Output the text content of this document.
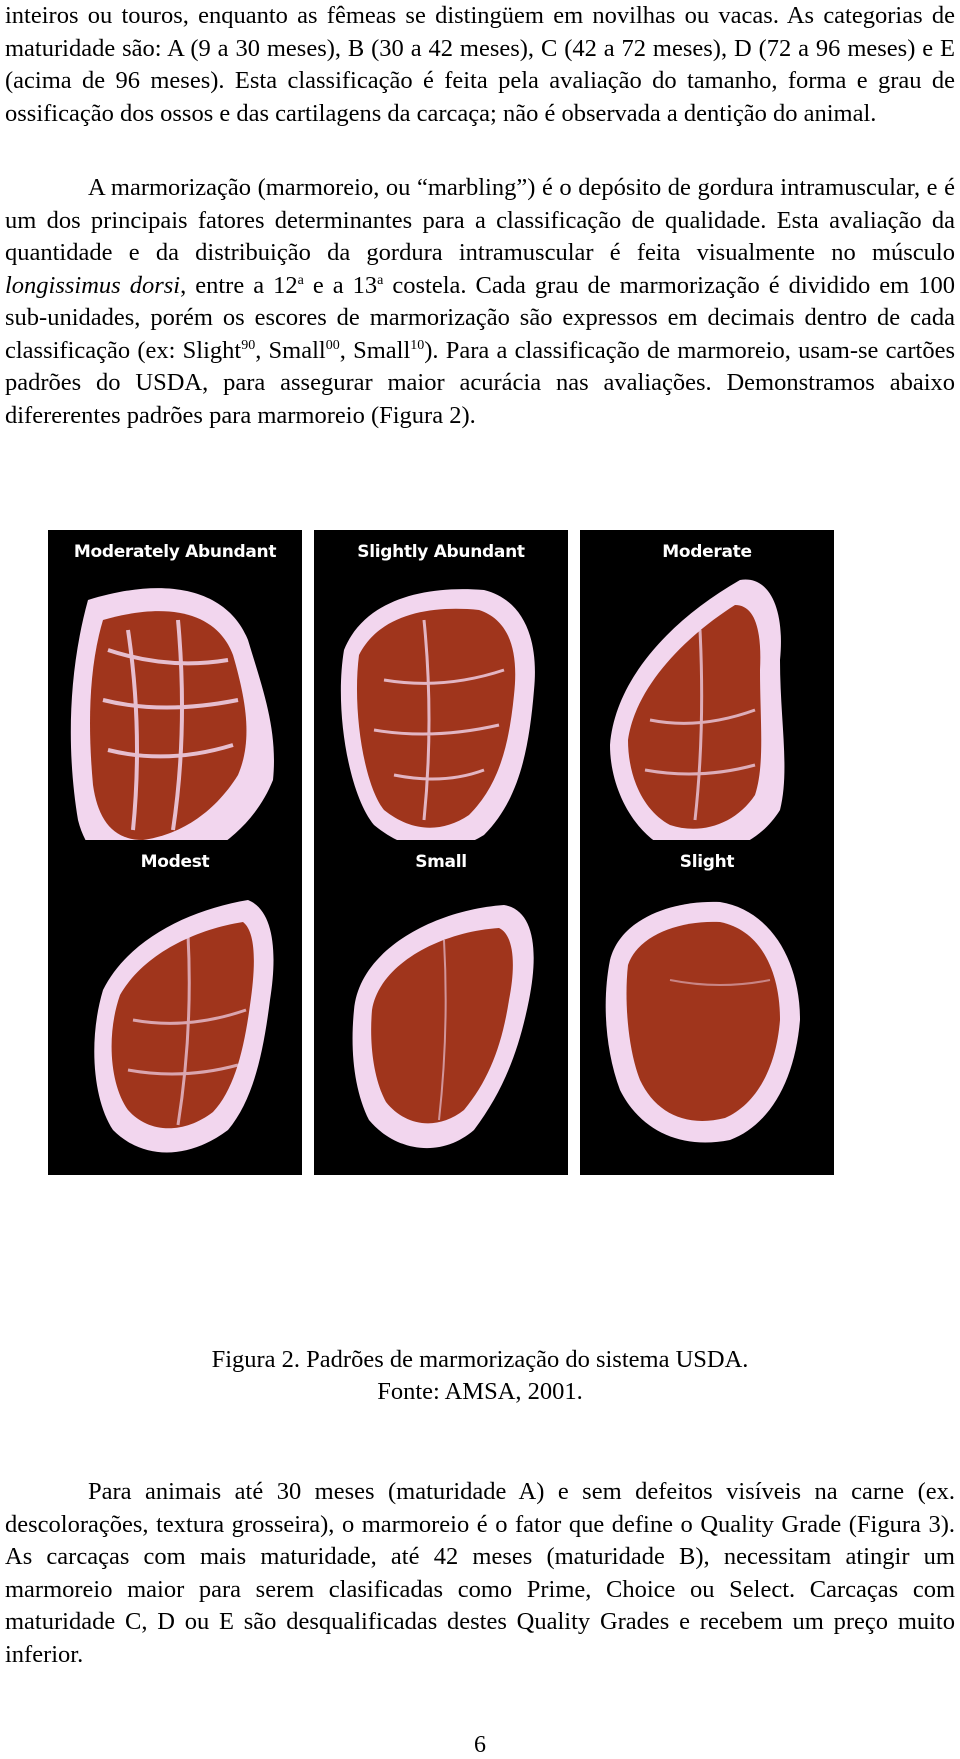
inteiros ou touros, enquanto as fêmeas se distingüem em novilhas ou vacas. As categorias de maturidade são: A (9 a 30 meses), B (30 a 42 meses), C (42 a 72 meses), D (72 a 96 meses) e E (acima de 96 meses). Esta classificação é feita pela avaliação do tamanho, forma e grau de ossificação dos ossos e das cartilagens da carcaça; não é observada a dentição do animal.

A marmorização (marmoreio, ou “marbling”) é o depósito de gordura intramuscular, e é um dos principais fatores determinantes para a classificação de qualidade. Esta avaliação da quantidade e da distribuição da gordura intramuscular é feita visualmente no músculo longissimus dorsi, entre a 12$^a$ e a 13$^a$ costela. Cada grau de marmorização é dividido em 100 sub-unidades, porém os escores de marmorização são expressos em decimais dentro de cada classificação (ex: Slight$^{90}$, Small$^{00}$, Small$^{10}$). Para a classificação de marmoreio, usam-se cartões padrões do USDA, para assegurar maior acurácia nas avaliações. Demonstramos abaixo difererentes padrões para marmoreio (Figura 2).

Moderately Abundant	Slightly Abundant	Moderate
Modest	Small	Slight
Figura 2. Padrões de marmorização do sistema USDA.
Fonte: AMSA, 2001.

Para animais até 30 meses (maturidade A) e sem defeitos visíveis na carne (ex. descolorações, textura grosseira), o marmoreio é o fator que define o Quality Grade (Figura 3). As carcaças com mais maturidade, até 42 meses (maturidade B), necessitam atingir um marmoreio maior para serem clasificadas como Prime, Choice ou Select. Carcaças com maturidade C, D ou E são desqualificadas destes Quality Grades e recebem um preço muito inferior.

6
